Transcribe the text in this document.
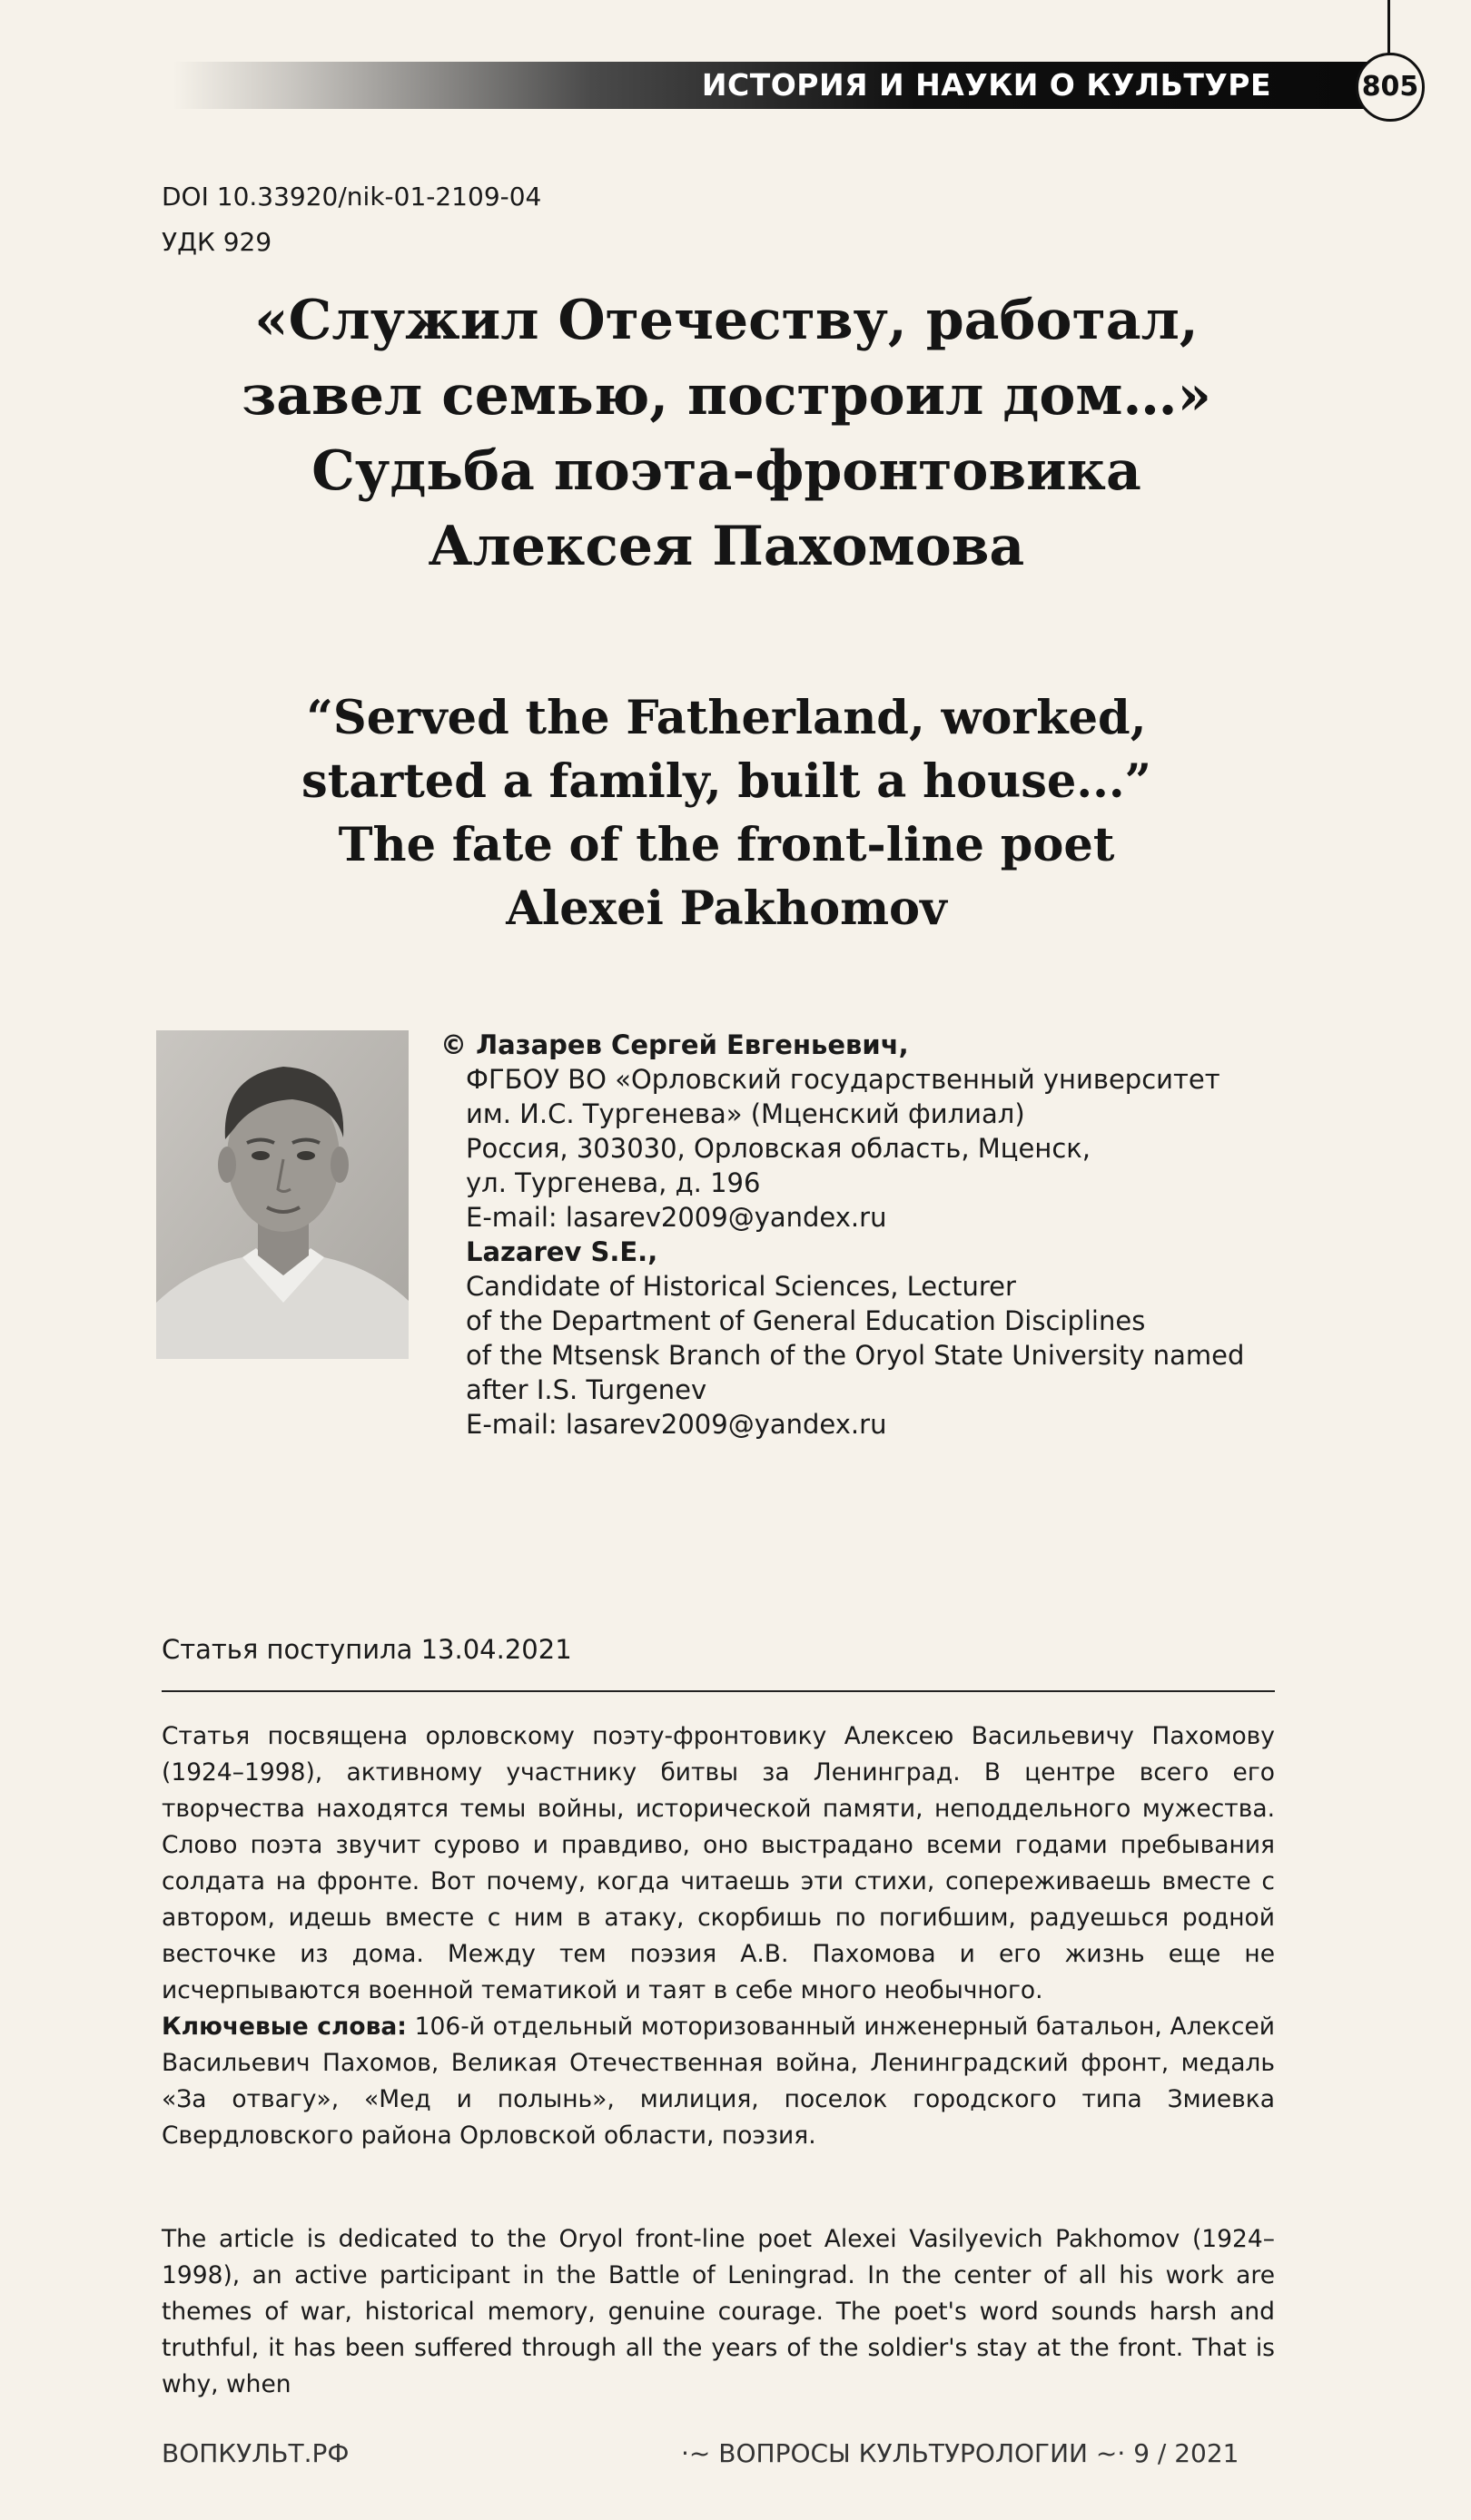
ИСТОРИЯ И НАУКИ О КУЛЬТУРЕ	805
DOI 10.33920/nik-01-2109-04
УДК 929
«Служил Отечеству, работал,
завел семью, построил дом…»
Судьба поэта-фронтовика
Алексея Пахомова
“Served the Fatherland, worked,
started a family, built a house...”
The fate of the front-line poet
Alexei Pakhomov
© Лазарев Сергей Евгеньевич,
ФГБОУ ВО «Орловский государственный университет
им. И.С. Тургенева» (Мценский филиал)
Россия, 303030, Орловская область, Мценск,
ул. Тургенева, д. 196
E-mail: lasarev2009@yandex.ru
Lazarev S.E.,
Candidate of Historical Sciences, Lecturer
of the Department of General Education Disciplines
of the Mtsensk Branch of the Oryol State University named
after I.S. Turgenev
E-mail: lasarev2009@yandex.ru
Статья поступила 13.04.2021

Статья посвящена орловскому поэту-фронтовику Алексею Васильевичу Пахомову (1924–1998), активному участнику битвы за Ленинград. В центре всего его творчества находятся темы войны, исторической памяти, неподдельного мужества. Слово поэта звучит сурово и правдиво, оно выстрадано всеми годами пребывания солдата на фронте. Вот почему, когда читаешь эти стихи, сопереживаешь вместе с автором, идешь вместе с ним в атаку, скорбишь по погибшим, радуешься родной весточке из дома. Между тем поэзия А.В. Пахомова и его жизнь еще не исчерпываются военной тематикой и таят в себе много необычного.

Ключевые слова: 106-й отдельный моторизованный инженерный батальон, Алексей Васильевич Пахомов, Великая Отечественная война, Ленинградский фронт, медаль «За отвагу», «Мед и полынь», милиция, поселок городского типа Змиевка Свердловского района Орловской области, поэзия.

The article is dedicated to the Oryol front-line poet Alexei Vasilyevich Pakhomov (1924–1998), an active participant in the Battle of Leningrad. In the center of all his work are themes of war, historical memory, genuine courage. The poet's word sounds harsh and truthful, it has been suffered through all the years of the soldier's stay at the front. That is why, when

ВОПКУЛЬТ.РФ	·~ ВОПРОСЫ КУЛЬТУРОЛОГИИ ~· 9 / 2021
